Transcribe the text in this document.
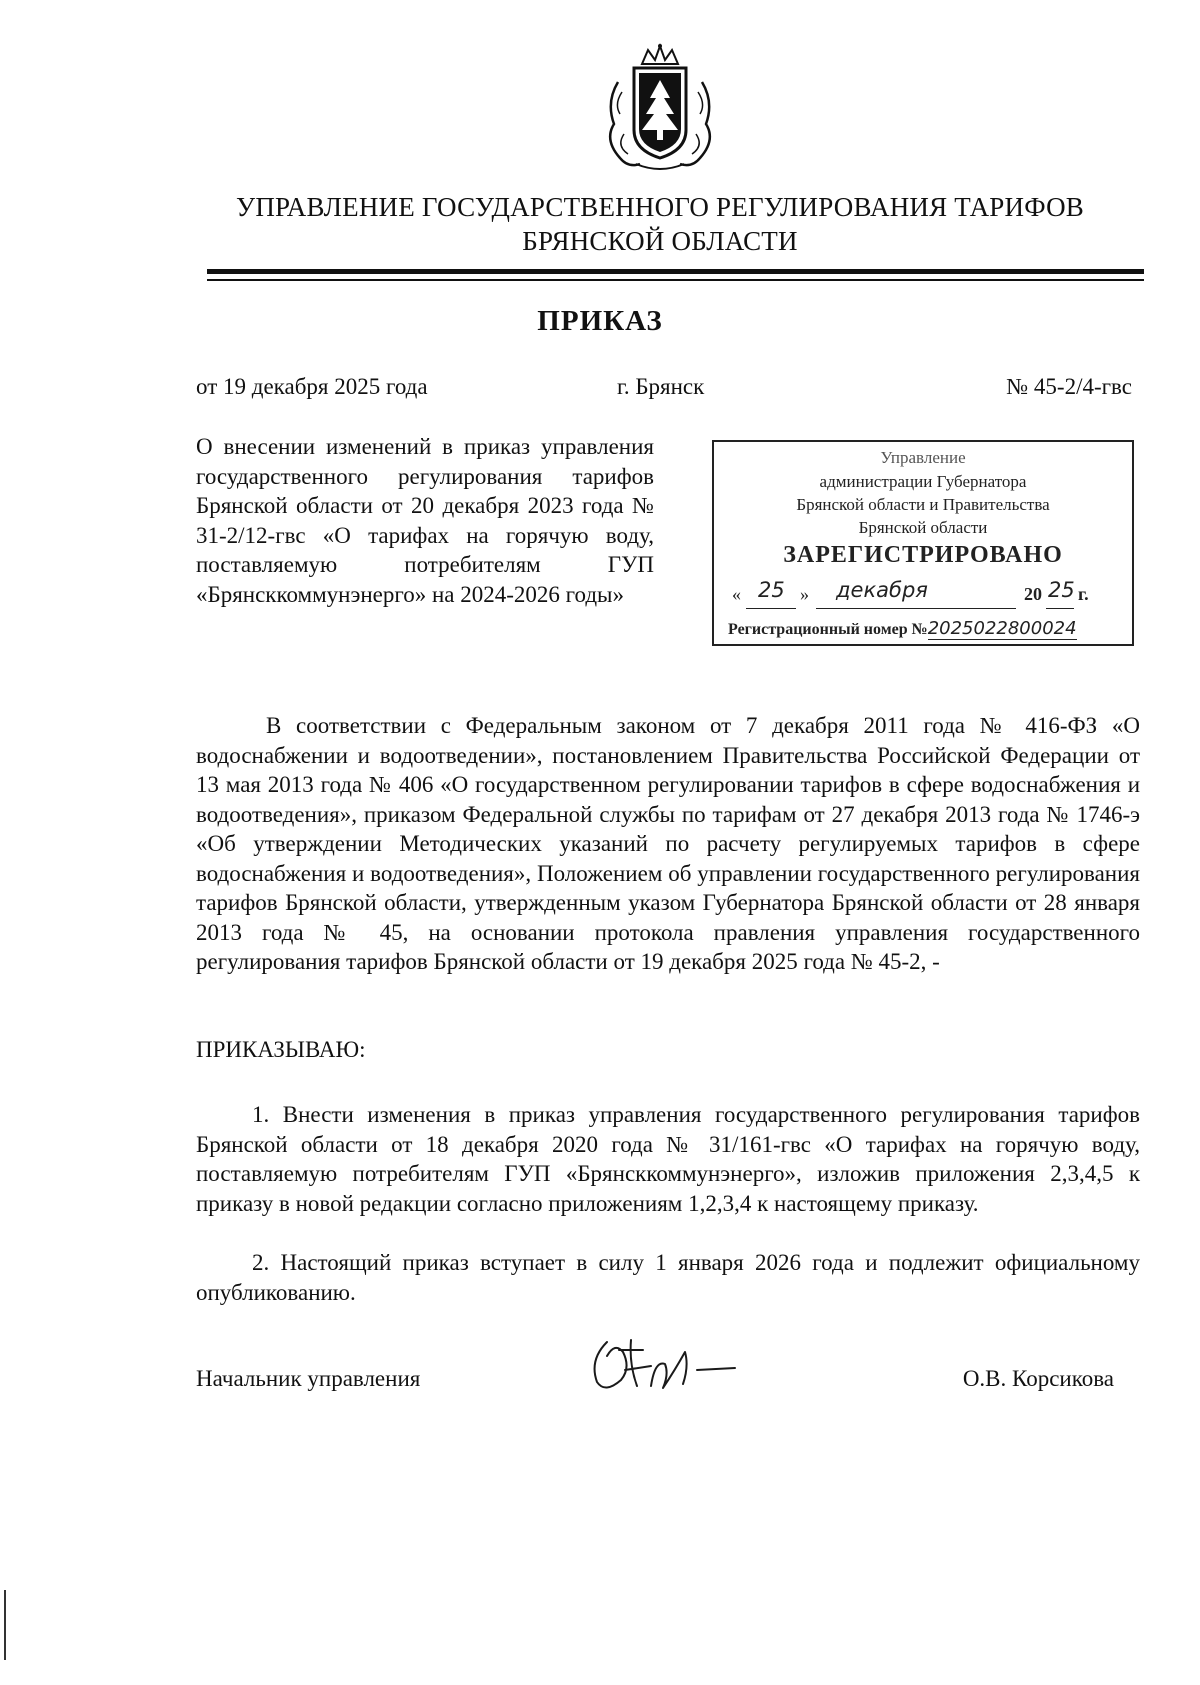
УПРАВЛЕНИЕ ГОСУДАРСТВЕННОГО РЕГУЛИРОВАНИЯ ТАРИФОВ
БРЯНСКОЙ ОБЛАСТИ
ПРИКАЗ
от 19 декабря 2025 года	г. Брянск	№ 45-2/4-гвс
О внесении изменений в приказ управления государственного регулирования тарифов Брянской области от 20 декабря 2023 года № 31-2/12-гвс «О тарифах на горячую воду, поставляемую потребителям ГУП «Брянсккоммунэнерго» на 2024-2026 годы»
Управление
администрации Губернатора
Брянской области и Правительства
Брянской области
ЗАРЕГИСТРИРОВАНО
« 25 » декабря	20 25 г.
Регистрационный номер №2025022800024
В соответствии с Федеральным законом от 7 декабря 2011 года № 416-ФЗ «О водоснабжении и водоотведении», постановлением Правительства Российской Федерации от 13 мая 2013 года № 406 «О государственном регулировании тарифов в сфере водоснабжения и водоотведения», приказом Федеральной службы по тарифам от 27 декабря 2013 года № 1746-э «Об утверждении Методических указаний по расчету регулируемых тарифов в сфере водоснабжения и водоотведения», Положением об управлении государственного регулирования тарифов Брянской области, утвержденным указом Губернатора Брянской области от 28 января 2013 года № 45, на основании протокола правления управления государственного регулирования тарифов Брянской области от 19 декабря 2025 года № 45-2, -
ПРИКАЗЫВАЮ:
1. Внести изменения в приказ управления государственного регулирования тарифов Брянской области от 18 декабря 2020 года № 31/161-гвс «О тарифах на горячую воду, поставляемую потребителям ГУП «Брянсккоммунэнерго», изложив приложения 2,3,4,5 к приказу в новой редакции согласно приложениям 1,2,3,4 к настоящему приказу.
2. Настоящий приказ вступает в силу 1 января 2026 года и подлежит официальному опубликованию.
Начальник управления	О.В. Корсикова
